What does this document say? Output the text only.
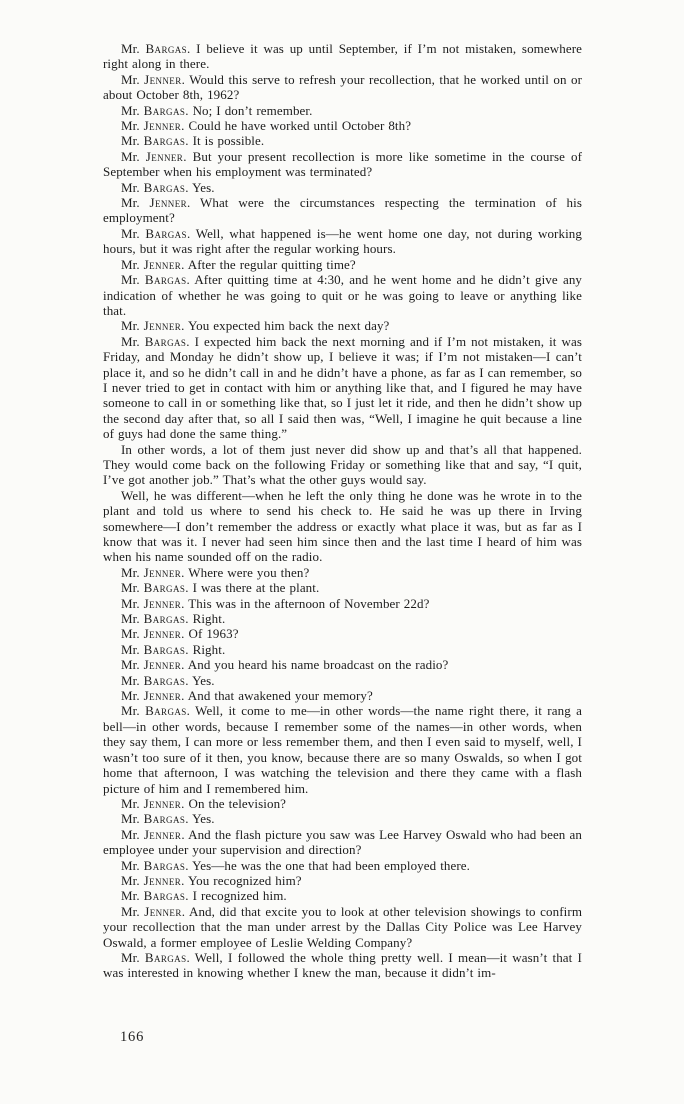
Mr. Bargas. I believe it was up until September, if I’m not mistaken, somewhere right along in there.

Mr. Jenner. Would this serve to refresh your recollection, that he worked until on or about October 8th, 1962?

Mr. Bargas. No; I don’t remember.

Mr. Jenner. Could he have worked until October 8th?

Mr. Bargas. It is possible.

Mr. Jenner. But your present recollection is more like sometime in the course of September when his employment was terminated?

Mr. Bargas. Yes.

Mr. Jenner. What were the circumstances respecting the termination of his employment?

Mr. Bargas. Well, what happened is—he went home one day, not during working hours, but it was right after the regular working hours.

Mr. Jenner. After the regular quitting time?

Mr. Bargas. After quitting time at 4:30, and he went home and he didn’t give any indication of whether he was going to quit or he was going to leave or anything like that.

Mr. Jenner. You expected him back the next day?

Mr. Bargas. I expected him back the next morning and if I’m not mistaken, it was Friday, and Monday he didn’t show up, I believe it was; if I’m not mistaken—I can’t place it, and so he didn’t call in and he didn’t have a phone, as far as I can remember, so I never tried to get in contact with him or anything like that, and I figured he may have someone to call in or something like that, so I just let it ride, and then he didn’t show up the second day after that, so all I said then was, “Well, I imagine he quit because a line of guys had done the same thing.”

In other words, a lot of them just never did show up and that’s all that happened. They would come back on the following Friday or something like that and say, “I quit, I’ve got another job.” That’s what the other guys would say.

Well, he was different—when he left the only thing he done was he wrote in to the plant and told us where to send his check to. He said he was up there in Irving somewhere—I don’t remember the address or exactly what place it was, but as far as I know that was it. I never had seen him since then and the last time I heard of him was when his name sounded off on the radio.

Mr. Jenner. Where were you then?

Mr. Bargas. I was there at the plant.

Mr. Jenner. This was in the afternoon of November 22d?

Mr. Bargas. Right.

Mr. Jenner. Of 1963?

Mr. Bargas. Right.

Mr. Jenner. And you heard his name broadcast on the radio?

Mr. Bargas. Yes.

Mr. Jenner. And that awakened your memory?

Mr. Bargas. Well, it come to me—in other words—the name right there, it rang a bell—in other words, because I remember some of the names—in other words, when they say them, I can more or less remember them, and then I even said to myself, well, I wasn’t too sure of it then, you know, because there are so many Oswalds, so when I got home that afternoon, I was watching the television and there they came with a flash picture of him and I remembered him.

Mr. Jenner. On the television?

Mr. Bargas. Yes.

Mr. Jenner. And the flash picture you saw was Lee Harvey Oswald who had been an employee under your supervision and direction?

Mr. Bargas. Yes—he was the one that had been employed there.

Mr. Jenner. You recognized him?

Mr. Bargas. I recognized him.

Mr. Jenner. And, did that excite you to look at other television showings to confirm your recollection that the man under arrest by the Dallas City Police was Lee Harvey Oswald, a former employee of Leslie Welding Company?

Mr. Bargas. Well, I followed the whole thing pretty well. I mean—it wasn’t that I was interested in knowing whether I knew the man, because it didn’t im-

166
